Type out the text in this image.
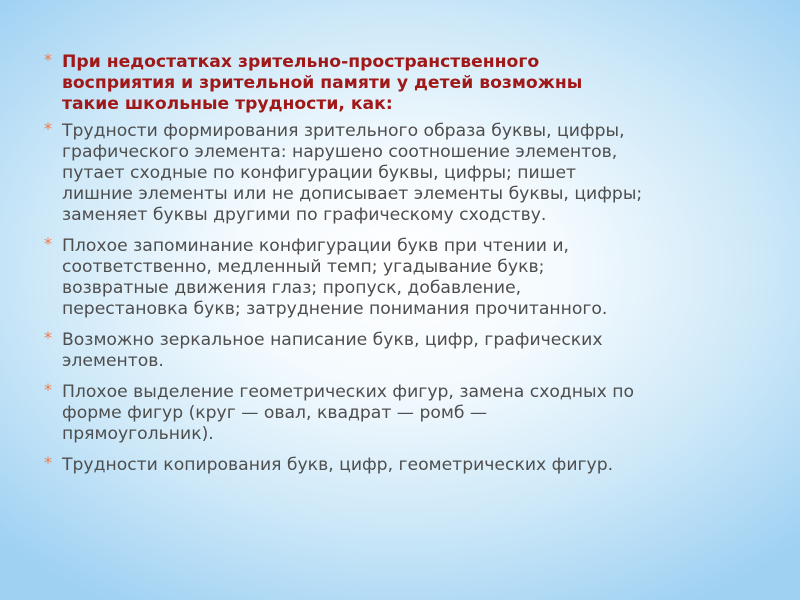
* При недостатках зрительно-пространственного восприятия и зрительной памяти у детей возможны такие школьные трудности, как:
* Трудности формирования зрительного образа буквы, цифры, графического элемента: нарушено соотношение элементов, путает сходные по конфигурации буквы, цифры; пишет лишние элементы или не дописывает элементы буквы, цифры; заменяет буквы другими по графическому сходству.
* Плохое запоминание конфигурации букв при чтении и, соответственно, медленный темп; угадывание букв; возвратные движения глаз; пропуск, добавление, перестановка букв; затруднение понимания прочитанного.
* Возможно зеркальное написание букв, цифр, графических элементов.
* Плохое выделение геометрических фигур, замена сходных по форме фигур (круг — овал, квадрат — ромб — прямоугольник).
* Трудности копирования букв, цифр, геометрических фигур.
